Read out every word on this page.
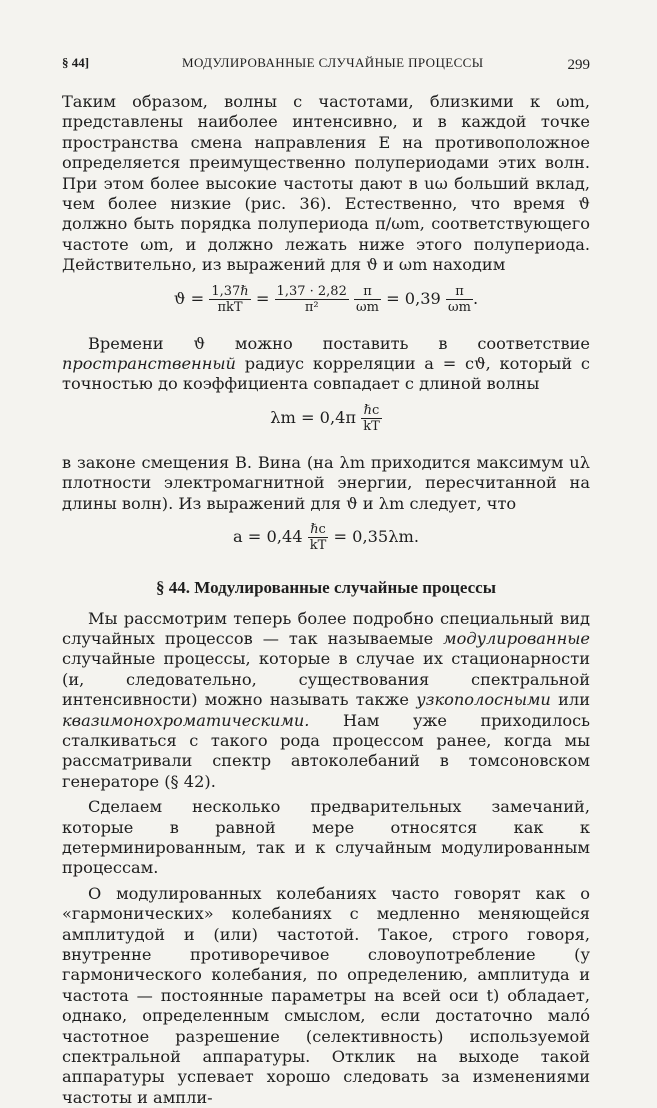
§ 44]	МОДУЛИРОВАННЫЕ СЛУЧАЙНЫЕ ПРОЦЕССЫ	299

Таким образом, волны с частотами, близкими к ωm, представлены наиболее интенсивно, и в каждой точке пространства смена направления E на противоположное определяется преимущественно полупериодами этих волн. При этом более высокие частоты дают в uω больший вклад, чем более низкие (рис. 36). Естественно, что время ϑ должно быть порядка полупериода π/ωm, соответствующего частоте ωm, и должно лежать ниже этого полупериода. Действительно, из выражений для ϑ и ωm находим

$ϑ = \frac{\text{1,37ℏ}}{\text{πkT}} = \frac{1,37 \cdot 2,82}{\text{π²}}$
$\frac{\pi}{\omega m} = 0,39 \frac{\pi}{\omega m}$ .

Времени ϑ можно поставить в соответствие пространственный радиус корреляции a = cϑ, который с точностью до коэффициента совпадает с длиной волны

$\lambda m = 0,4\pi \frac{\text{ℏc}}{kT}$

в законе смещения В. Вина (на λm приходится максимум uλ плотности электромагнитной энергии, пересчитанной на длины волн). Из выражений для ϑ и λm следует, что

$a = 0,44 \frac{\text{ℏc}}{kT} = 0,35\lambda m$.
§ 44. Модулированные случайные процессы

Мы рассмотрим теперь более подробно специальный вид случайных процессов — так называемые модулированные случайные процессы, которые в случае их стационарности (и, следовательно, существования спектральной интенсивности) можно называть также узкополосными или квазимонохроматическими. Нам уже приходилось сталкиваться с такого рода процессом ранее, когда мы рассматривали спектр автоколебаний в томсоновском генераторе (§ 42).

Сделаем несколько предварительных замечаний, которые в равной мере относятся как к детерминированным, так и к случайным модулированным процессам.

О модулированных колебаниях часто говорят как о «гармонических» колебаниях с медленно меняющейся амплитудой и (или) частотой. Такое, строго говоря, внутренне противоречивое словоупотребление (у гармонического колебания, по определению, амплитуда и частота — постоянные параметры на всей оси t) обладает, однако, определенным смыслом, если достаточно мало́ частотное разрешение (селективность) используемой спектральной аппаратуры. Отклик на выходе такой аппаратуры успевает хорошо следовать за изменениями частоты и ампли-
